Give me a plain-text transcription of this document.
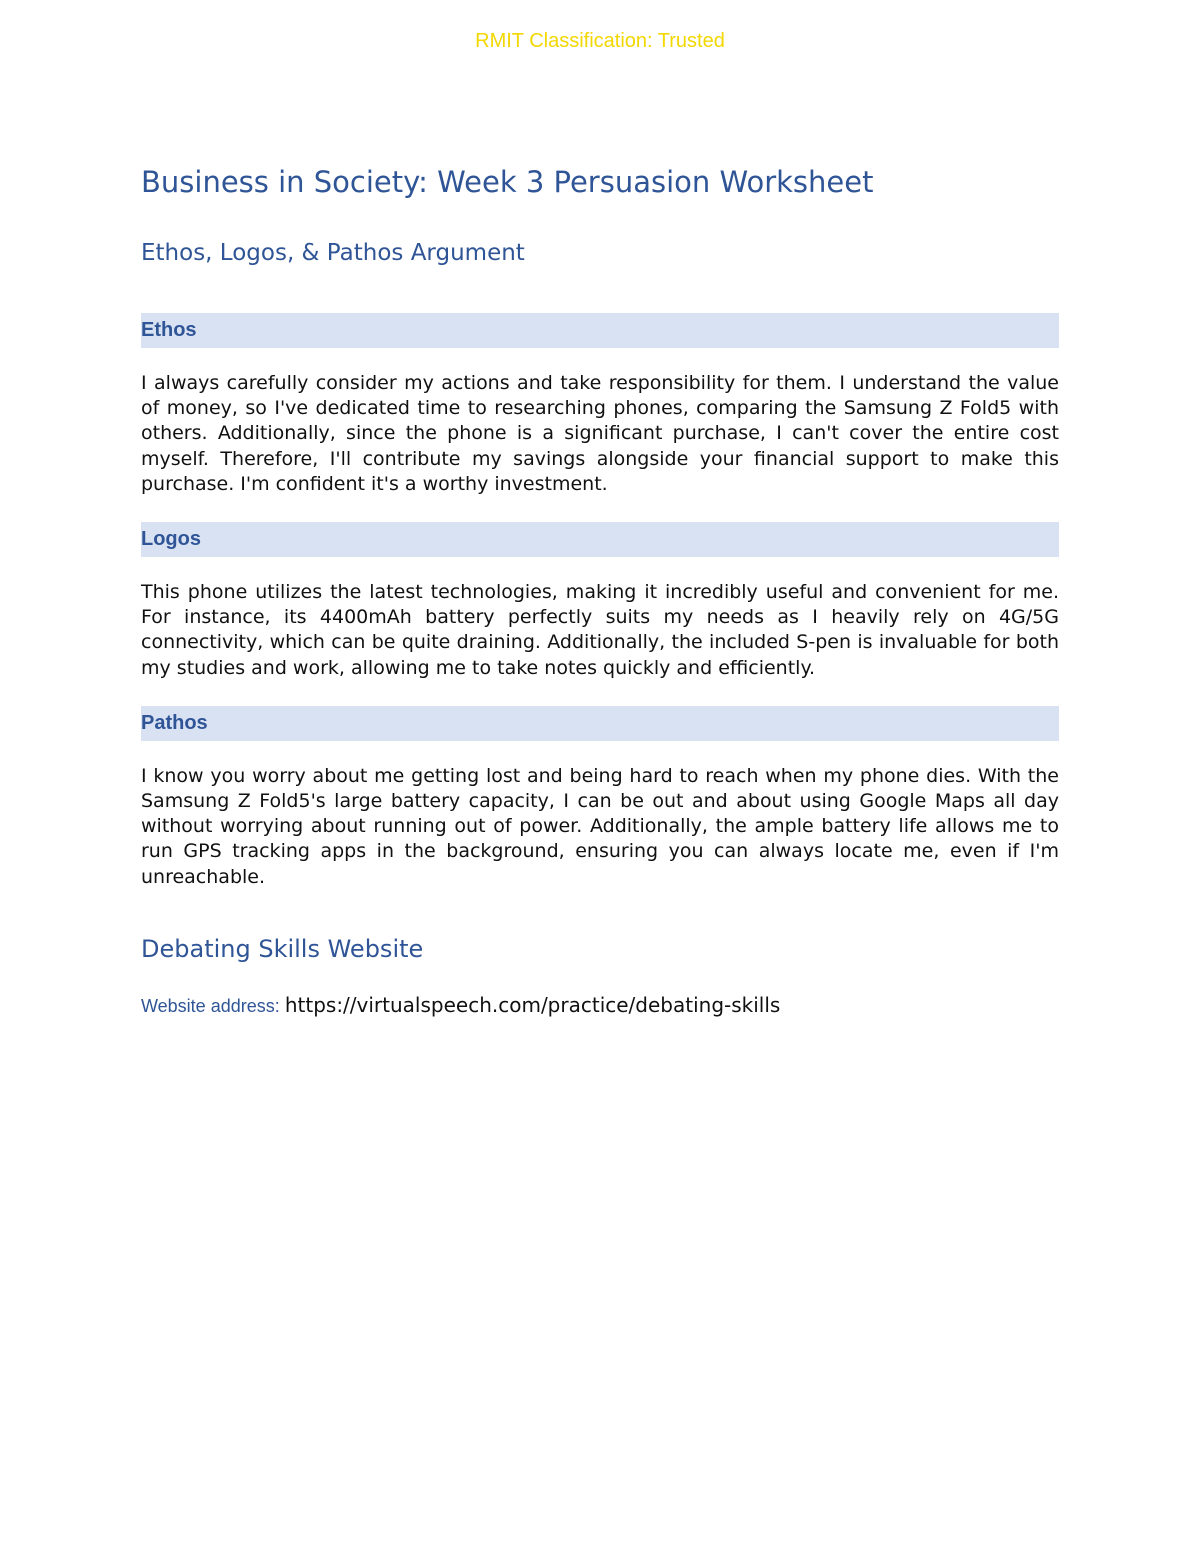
RMIT Classification: Trusted
Business in Society: Week 3 Persuasion Worksheet
Ethos, Logos, & Pathos Argument
Ethos

I always carefully consider my actions and take responsibility for them. I understand the value of money, so I've dedicated time to researching phones, comparing the Samsung Z Fold5 with others. Additionally, since the phone is a significant purchase, I can't cover the entire cost myself. Therefore, I'll contribute my savings alongside your financial support to make this purchase. I'm confident it's a worthy investment.

Logos

This phone utilizes the latest technologies, making it incredibly useful and convenient for me. For instance, its 4400mAh battery perfectly suits my needs as I heavily rely on 4G/5G connectivity, which can be quite draining. Additionally, the included S-pen is invaluable for both my studies and work, allowing me to take notes quickly and efficiently.

Pathos

I know you worry about me getting lost and being hard to reach when my phone dies. With the Samsung Z Fold5's large battery capacity, I can be out and about using Google Maps all day without worrying about running out of power. Additionally, the ample battery life allows me to run GPS tracking apps in the background, ensuring you can always locate me, even if I'm unreachable.

Debating Skills Website
Website address: https://virtualspeech.com/practice/debating-skills
